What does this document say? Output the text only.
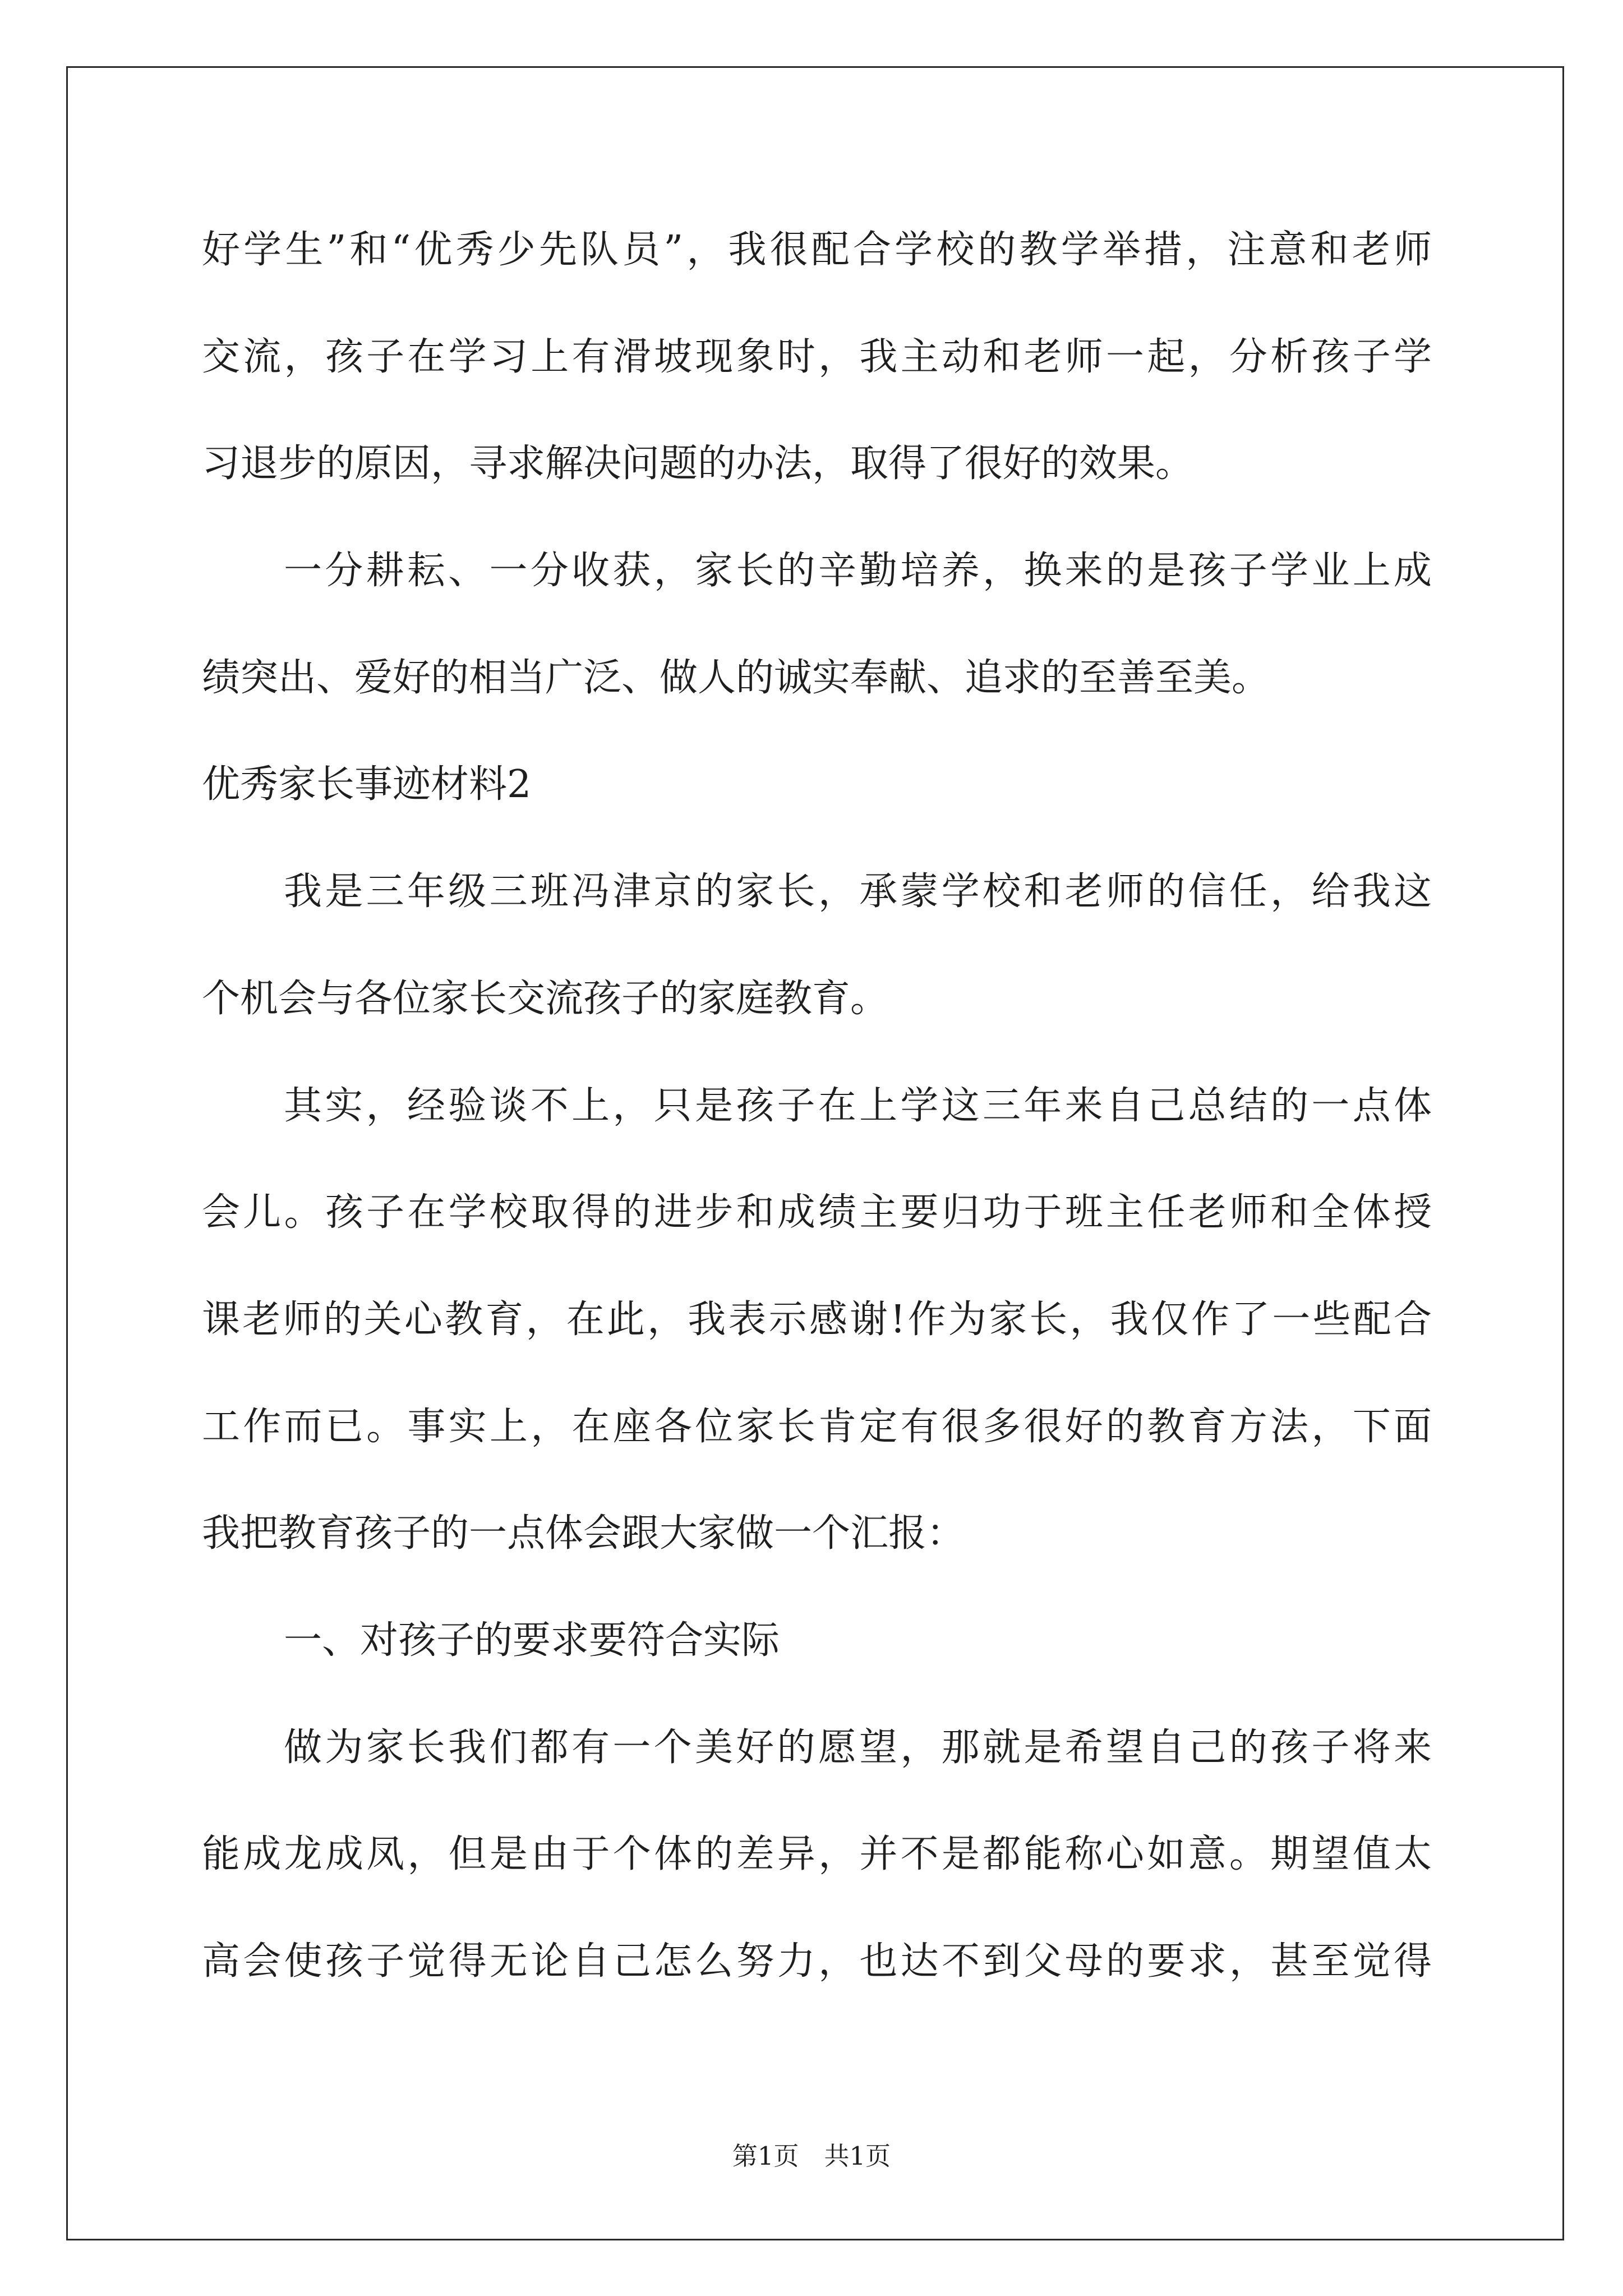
好学生”和“优秀少先队员”，我很配合学校的教学举措，注意和老师
交流，孩子在学习上有滑坡现象时，我主动和老师一起，分析孩子学
习退步的原因，寻求解决问题的办法，取得了很好的效果。
一分耕耘、一分收获，家长的辛勤培养，换来的是孩子学业上成
绩突出、爱好的相当广泛、做人的诚实奉献、追求的至善至美。
优秀家长事迹材料2
我是三年级三班冯津京的家长，承蒙学校和老师的信任，给我这
个机会与各位家长交流孩子的家庭教育。
其实，经验谈不上，只是孩子在上学这三年来自己总结的一点体
会儿。孩子在学校取得的进步和成绩主要归功于班主任老师和全体授
课老师的关心教育，在此，我表示感谢!作为家长，我仅作了一些配合
工作而已。事实上，在座各位家长肯定有很多很好的教育方法，下面
我把教育孩子的一点体会跟大家做一个汇报：
一、对孩子的要求要符合实际
做为家长我们都有一个美好的愿望，那就是希望自己的孩子将来
能成龙成凤，但是由于个体的差异，并不是都能称心如意。期望值太
高会使孩子觉得无论自己怎么努力，也达不到父母的要求，甚至觉得
第1页　共1页
